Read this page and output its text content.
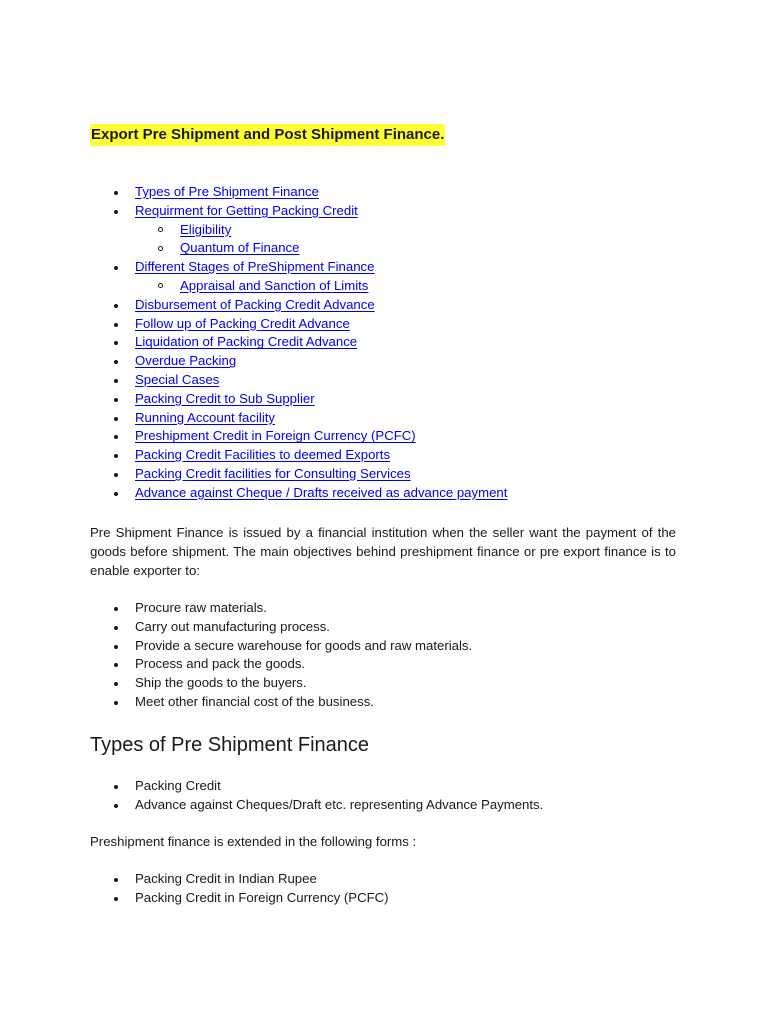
Export Pre Shipment and Post Shipment Finance.
Types of Pre Shipment Finance
Requirment for Getting Packing Credit
Eligibility
Quantum of Finance
Different Stages of PreShipment Finance
Appraisal and Sanction of Limits
Disbursement of Packing Credit Advance
Follow up of Packing Credit Advance
Liquidation of Packing Credit Advance
Overdue Packing
Special Cases
Packing Credit to Sub Supplier
Running Account facility
Preshipment Credit in Foreign Currency (PCFC)
Packing Credit Facilities to deemed Exports
Packing Credit facilities for Consulting Services
Advance against Cheque / Drafts received as advance payment

Pre Shipment Finance is issued by a financial institution when the seller want the payment of the goods before shipment. The main objectives behind preshipment finance or pre export finance is to enable exporter to:

Procure raw materials.
Carry out manufacturing process.
Provide a secure warehouse for goods and raw materials.
Process and pack the goods.
Ship the goods to the buyers.
Meet other financial cost of the business.
Types of Pre Shipment Finance
Packing Credit
Advance against Cheques/Draft etc. representing Advance Payments.

Preshipment finance is extended in the following forms :

Packing Credit in Indian Rupee
Packing Credit in Foreign Currency (PCFC)
